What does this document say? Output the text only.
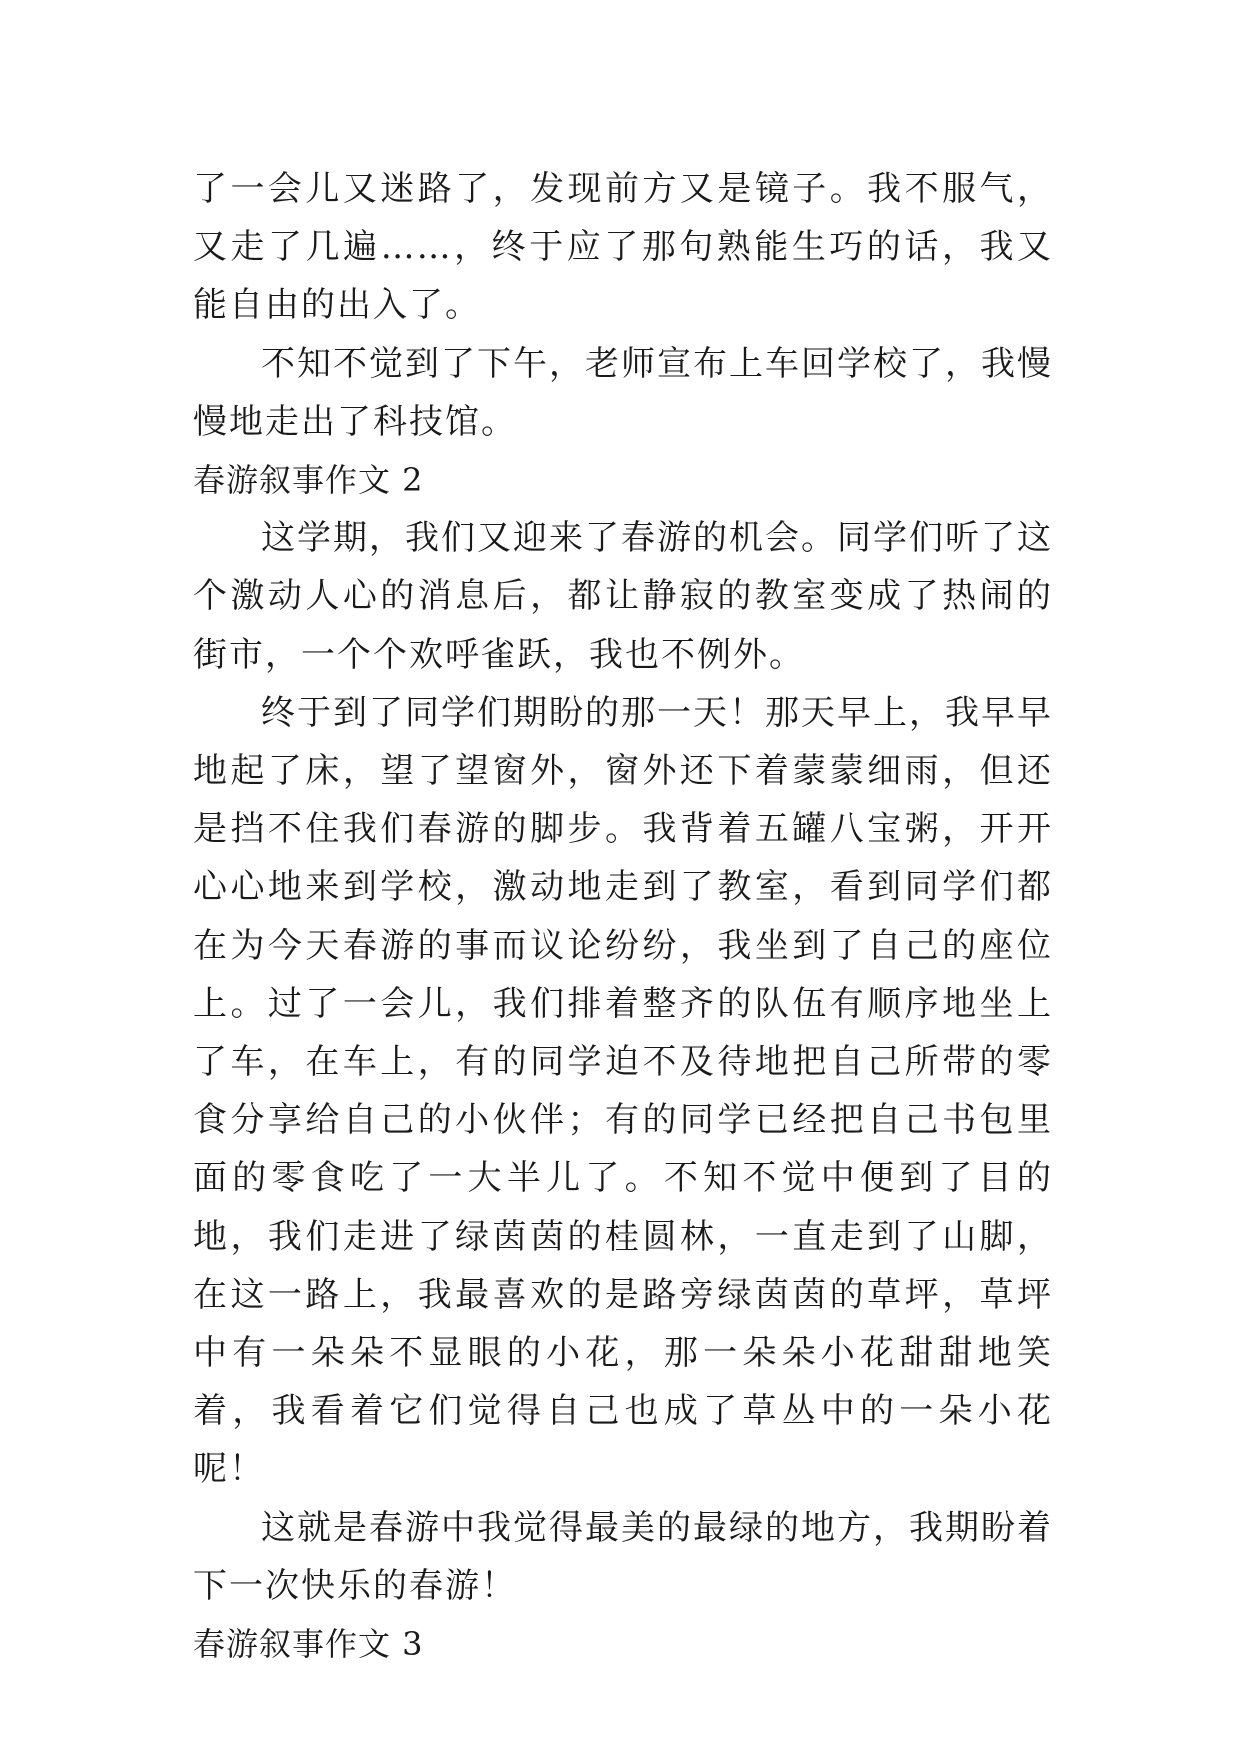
了一会儿又迷路了，发现前方又是镜子。我不服气，又走了几遍……，终于应了那句熟能生巧的话，我又能自由的出入了。

不知不觉到了下午，老师宣布上车回学校了，我慢慢地走出了科技馆。

春游叙事作文 2

这学期，我们又迎来了春游的机会。同学们听了这个激动人心的消息后，都让静寂的教室变成了热闹的街市，一个个欢呼雀跃，我也不例外。

终于到了同学们期盼的那一天！那天早上，我早早地起了床，望了望窗外，窗外还下着蒙蒙细雨，但还是挡不住我们春游的脚步。我背着五罐八宝粥，开开心心地来到学校，激动地走到了教室，看到同学们都在为今天春游的事而议论纷纷，我坐到了自己的座位上。过了一会儿，我们排着整齐的队伍有顺序地坐上了车，在车上，有的同学迫不及待地把自己所带的零食分享给自己的小伙伴；有的同学已经把自己书包里面的零食吃了一大半儿了。不知不觉中便到了目的地，我们走进了绿茵茵的桂圆林，一直走到了山脚，在这一路上，我最喜欢的是路旁绿茵茵的草坪，草坪中有一朵朵不显眼的小花，那一朵朵小花甜甜地笑着，我看着它们觉得自己也成了草丛中的一朵小花呢！

这就是春游中我觉得最美的最绿的地方，我期盼着下一次快乐的春游！

春游叙事作文 3
